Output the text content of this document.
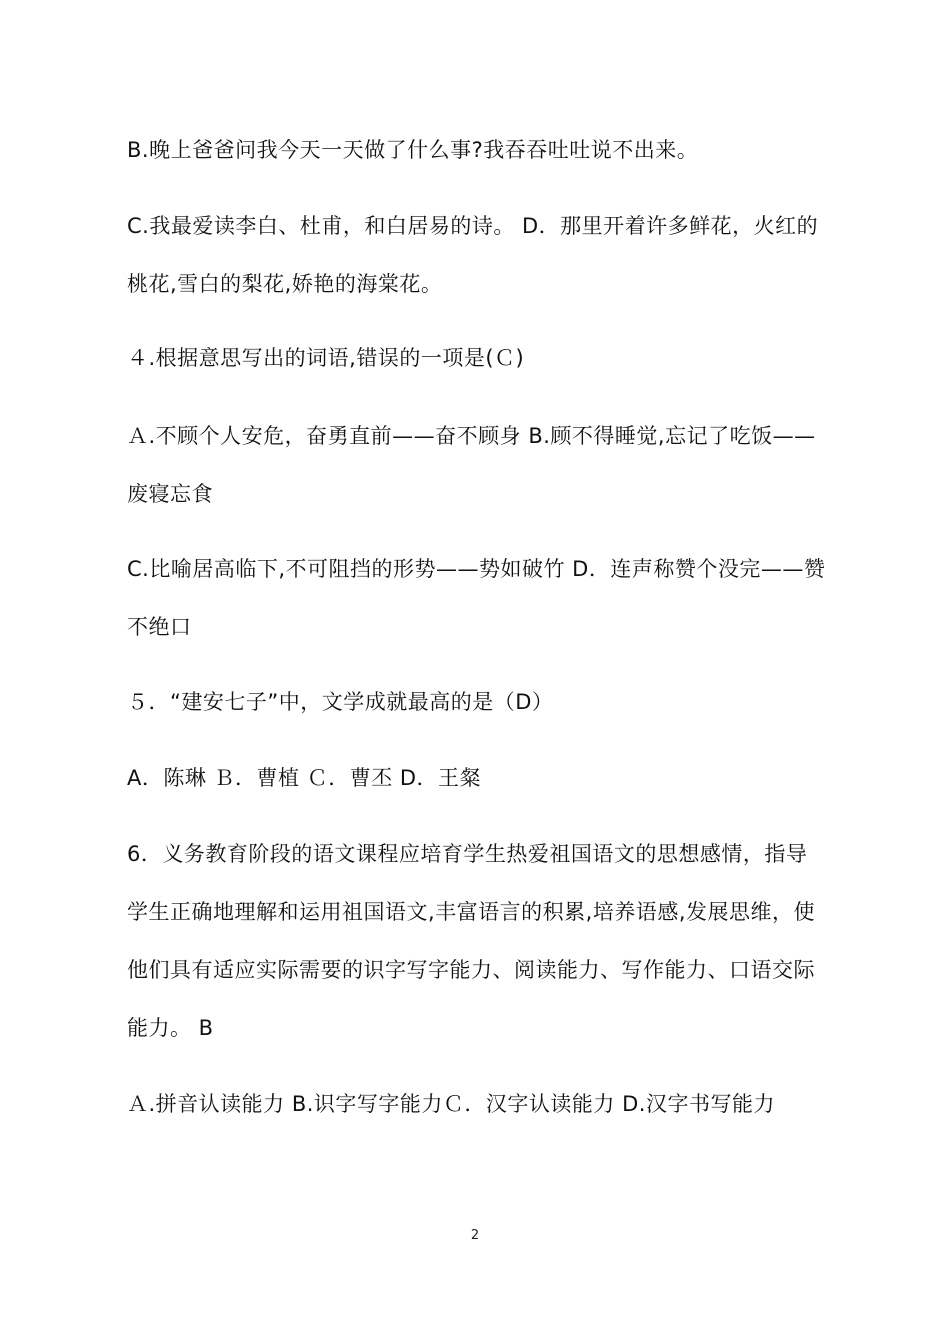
B.晚上爸爸问我今天一天做了什么事?我吞吞吐吐说不出来。
C.我最爱读李白、杜甫，和白居易的诗。 D．那里开着许多鲜花，火红的
桃花,雪白的梨花,娇艳的海棠花。
４.根据意思写出的词语,错误的一项是(Ｃ)
Ａ.不顾个人安危，奋勇直前——奋不顾身 B.顾不得睡觉,忘记了吃饭——
废寝忘食
C.比喻居高临下,不可阻挡的形势——势如破竹 D．连声称赞个没完——赞
不绝口
５．“建安七子”中，文学成就最高的是（D）
A．陈琳 Ｂ．曹植 Ｃ．曹丕 D．王粲
6．义务教育阶段的语文课程应培育学生热爱祖国语文的思想感情，指导
学生正确地理解和运用祖国语文,丰富语言的积累,培养语感,发展思维，使
他们具有适应实际需要的识字写字能力、阅读能力、写作能力、口语交际
能力。 B
Ａ.拼音认读能力 B.识字写字能力Ｃ．汉字认读能力 D.汉字书写能力
2
